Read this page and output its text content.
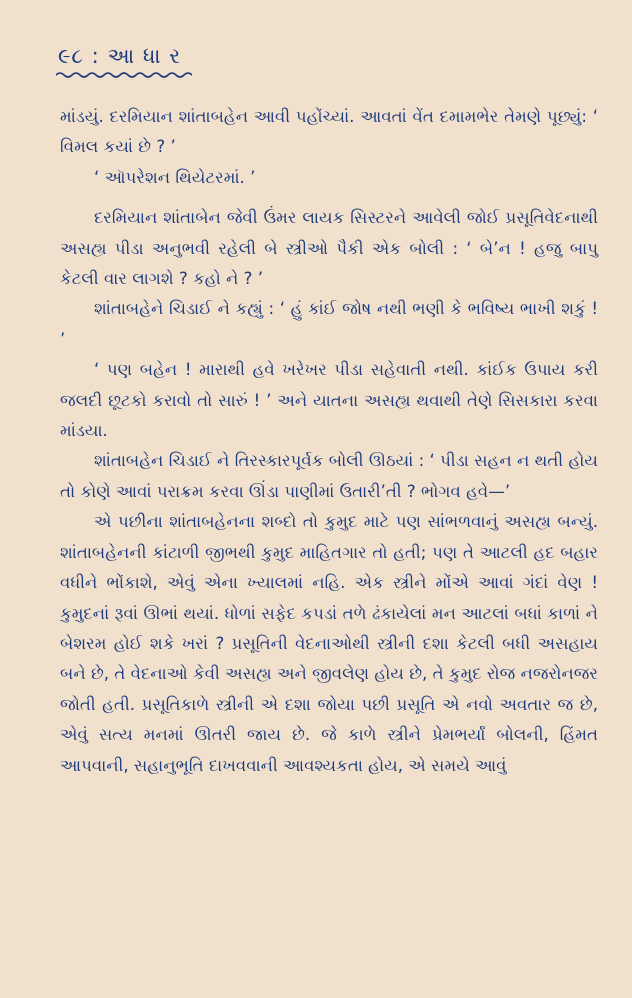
૯૮ : આ ધા ર

માંડયું. દરમિયાન શાંતાબહેન આવી પહોંચ્યાં. આવતાં વેંત દમામભેર તેમણે પૂછ્યું: ‘ વિમલ કયાં છે ? ’

‘ ઑપરેશન થિયેટરમાં. ’

દરમિયાન શાંતાબેન જેવી ઉંમર લાયક સિસ્ટરને આવેલી જોઈ પ્રસૂતિવેદનાથી અસહ્ય પીડા અનુભવી રહેલી બે સ્ત્રીઓ પૈકી એક બોલી : ‘ બે’ન ! હજુ બાપુ કેટલી વાર લાગશે ? કહો ને ? ’

શાંતાબહેને ચિડાઈ ને કહ્યું : ‘ હું કાંઈ જોષ નથી ભણી કે ભવિષ્ય ભાખી શકું ! ’

‘ પણ બહેન ! મારાથી હવે ખરેખર પીડા સહેવાતી નથી. કાંઈક ઉપાય કરી જલદી છૂટકો કરાવો તો સારું ! ’ અને યાતના અસહ્ય થવાથી તેણે સિસકારા કરવા માંડયા.

શાંતાબહેન ચિડાઈ ને તિરસ્કારપૂર્વક બોલી ઊઠયાં : ‘ પીડા સહન ન થતી હોય તો કોણે આવાં પરાક્રમ કરવા ઊંડા પાણીમાં ઉતારી’તી ? ભોગવ હવે—’

એ પછીના શાંતાબહેનના શબ્દો તો કુમુદ માટે પણ સાંભળવાનું અસહ્ય બન્યું. શાંતાબહેનની કાંટાળી જીભથી કુમુદ માહિતગાર તો હતી; પણ તે આટલી હદ બહાર વધીને ભોંકાશે, એવું એના ખ્યાલમાં નહિ. એક સ્ત્રીને મોંએ આવાં ગંદાં વેણ ! કુમુદનાં રૂવાં ઊભાં થયાં. ધોળાં સફેદ કપડાં તળે ઢંકાયેલાં મન આટલાં બધાં કાળાં ને બેશરમ હોઈ શકે ખરાં ? પ્રસૂતિની વેદનાઓથી સ્ત્રીની દશા કેટલી બધી અસહાય બને છે, તે વેદનાઓ કેવી અસહ્ય અને જીવલેણ હોય છે, તે કુમુદ રોજ નજરોનજર જોતી હતી. પ્રસૂતિકાળે સ્ત્રીની એ દશા જોયા પછી પ્રસૂતિ એ નવો અવતાર જ છે, એવું સત્ય મનમાં ઊતરી જાય છે. જે કાળે સ્ત્રીને પ્રેમભર્યાં બોલની, હિંમત આપવાની, સહાનુભૂતિ દાખવવાની આવશ્યકતા હોય, એ સમયે આવું
